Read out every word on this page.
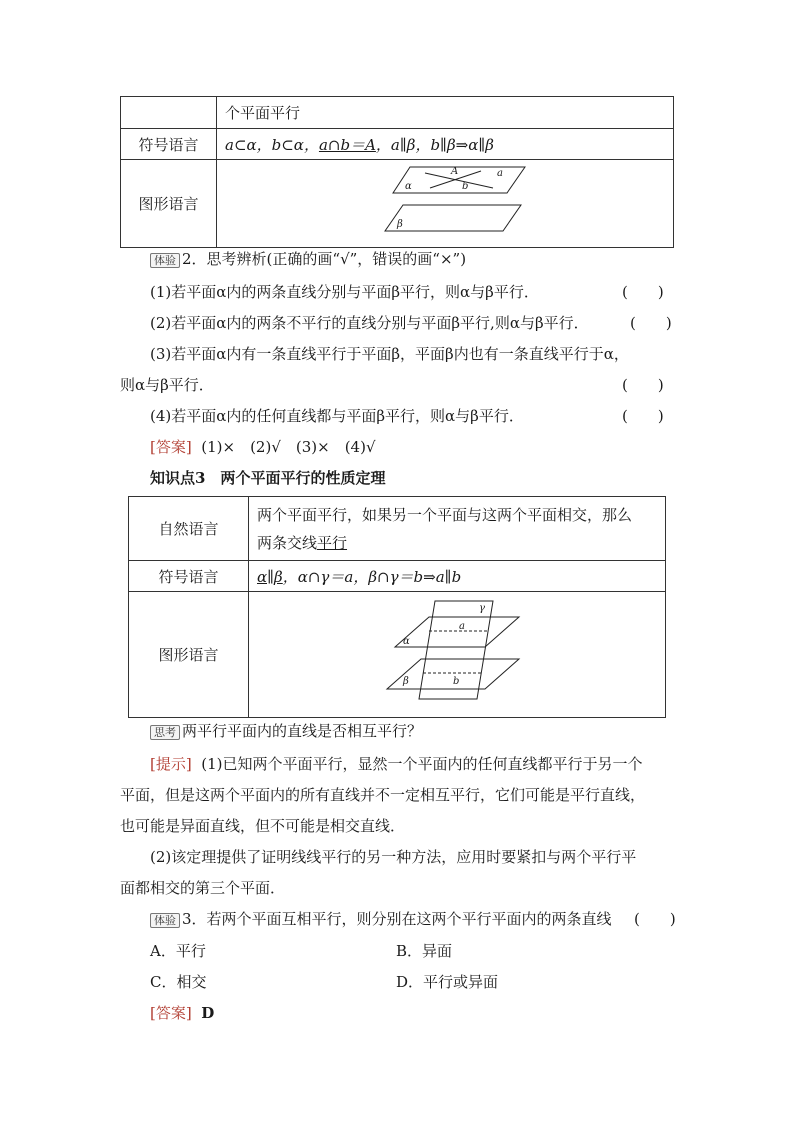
	个平面平行
符号语言	a⊂α，b⊂α，a∩b＝A，a∥β，b∥β⇒α∥β
图形语言	A a
b
α
β
体验 2．思考辨析(正确的画“√”，错误的画“×”)
(1)若平面α内的两条直线分别与平面β平行，则α与β平行．	(　　)
(2)若平面α内的两条不平行的直线分别与平面β平行,则α与β平行．	(　　)
(3)若平面α内有一条直线平行于平面β，平面β内也有一条直线平行于α，
则α与β平行．	(　　)
(4)若平面α内的任何直线都与平面β平行，则α与β平行．	(　　)
[答案] (1)×　(2)√　(3)×　(4)√
知识点3　两个平面平行的性质定理
自然语言	两个平面平行，如果另一个平面与这两个平面相交，那么
两条交线平行

符号语言	α∥β，α∩γ＝a，β∩γ＝b⇒a∥b
图形语言	γ
a
α
β b
思考 两平行平面内的直线是否相互平行？
[提示] (1)已知两个平面平行，显然一个平面内的任何直线都平行于另一个
平面，但是这两个平面内的所有直线并不一定相互平行，它们可能是平行直线，
也可能是异面直线，但不可能是相交直线．
(2)该定理提供了证明线线平行的另一种方法，应用时要紧扣与两个平行平
面都相交的第三个平面．
体验 3．若两个平面互相平行，则分别在这两个平行平面内的两条直线 (　　)
A．平行	B．异面
C．相交	D．平行或异面
[答案] D
